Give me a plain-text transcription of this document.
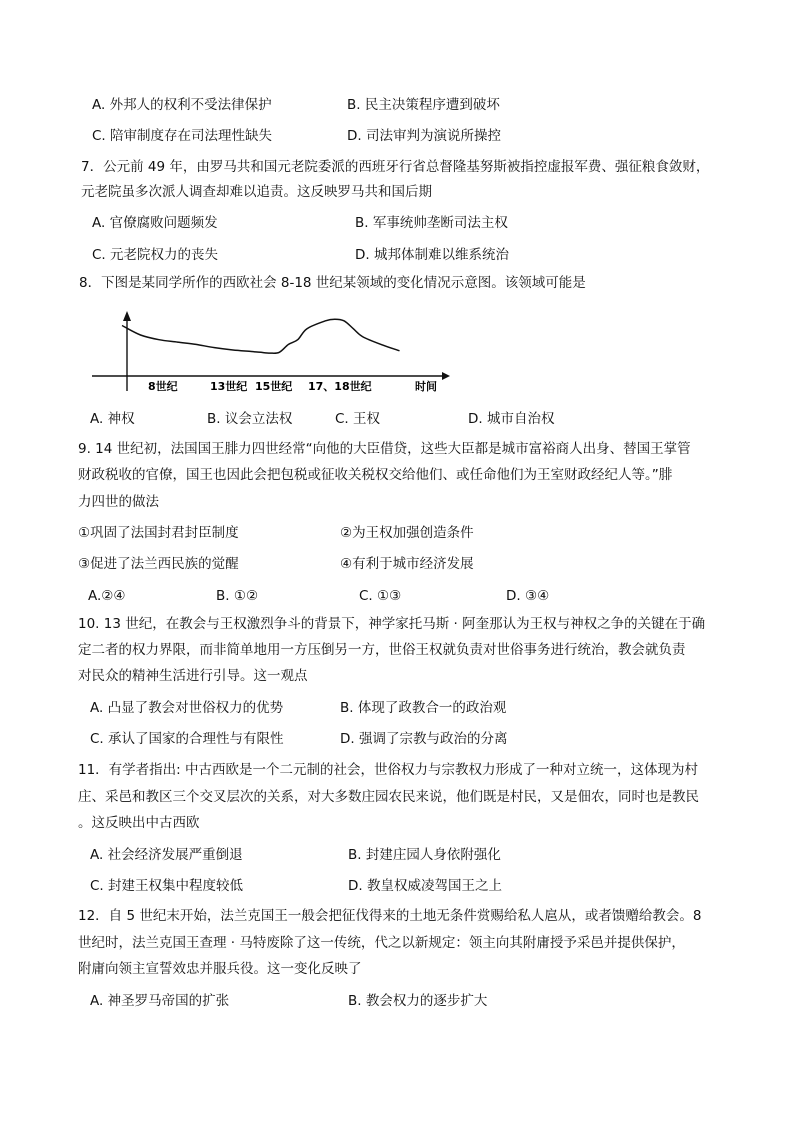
A. 外邦人的权利不受法律保护	B. 民主决策程序遭到破坏
C. 陪审制度存在司法理性缺失	D. 司法审判为演说所操控
7．公元前 49 年，由罗马共和国元老院委派的西班牙行省总督隆基努斯被指控虚报军费、强征粮食敛财，
元老院虽多次派人调查却难以追责。这反映罗马共和国后期
A. 官僚腐败问题频发	B. 军事统帅垄断司法主权
C. 元老院权力的丧失	D. 城邦体制难以维系统治
8．下图是某同学所作的西欧社会 8-18 世纪某领域的变化情况示意图。该领域可能是
8世纪	13世纪 15世纪 17、18世纪	时间
A. 神权	B. 议会立法权	C. 王权	D. 城市自治权
9. 14 世纪初，法国国王腓力四世经常“向他的大臣借贷，这些大臣都是城市富裕商人出身、替国王掌管
财政税收的官僚，国王也因此会把包税或征收关税权交给他们、或任命他们为王室财政经纪人等。”腓
力四世的做法
①巩固了法国封君封臣制度	②为王权加强创造条件
③促进了法兰西民族的觉醒	④有利于城市经济发展
A.②④	B. ①②	C. ①③	D. ③④
10. 13 世纪，在教会与王权激烈争斗的背景下，神学家托马斯 · 阿奎那认为王权与神权之争的关键在于确
定二者的权力界限，而非简单地用一方压倒另一方，世俗王权就负责对世俗事务进行统治，教会就负责
对民众的精神生活进行引导。这一观点
A. 凸显了教会对世俗权力的优势	B. 体现了政教合一的政治观
C. 承认了国家的合理性与有限性	D. 强调了宗教与政治的分离
11．有学者指出: 中古西欧是一个二元制的社会，世俗权力与宗教权力形成了一种对立统一，这体现为村
庄、采邑和教区三个交叉层次的关系，对大多数庄园农民来说，他们既是村民，又是佃农，同时也是教民
。这反映出中古西欧
A. 社会经济发展严重倒退	B. 封建庄园人身依附强化
C. 封建王权集中程度较低	D. 教皇权威凌驾国王之上
12．自 5 世纪末开始，法兰克国王一般会把征伐得来的土地无条件赏赐给私人扈从，或者馈赠给教会。8
世纪时，法兰克国王查理 · 马特废除了这一传统，代之以新规定：领主向其附庸授予采邑并提供保护，
附庸向领主宣誓效忠并服兵役。这一变化反映了
A. 神圣罗马帝国的扩张	B. 教会权力的逐步扩大
